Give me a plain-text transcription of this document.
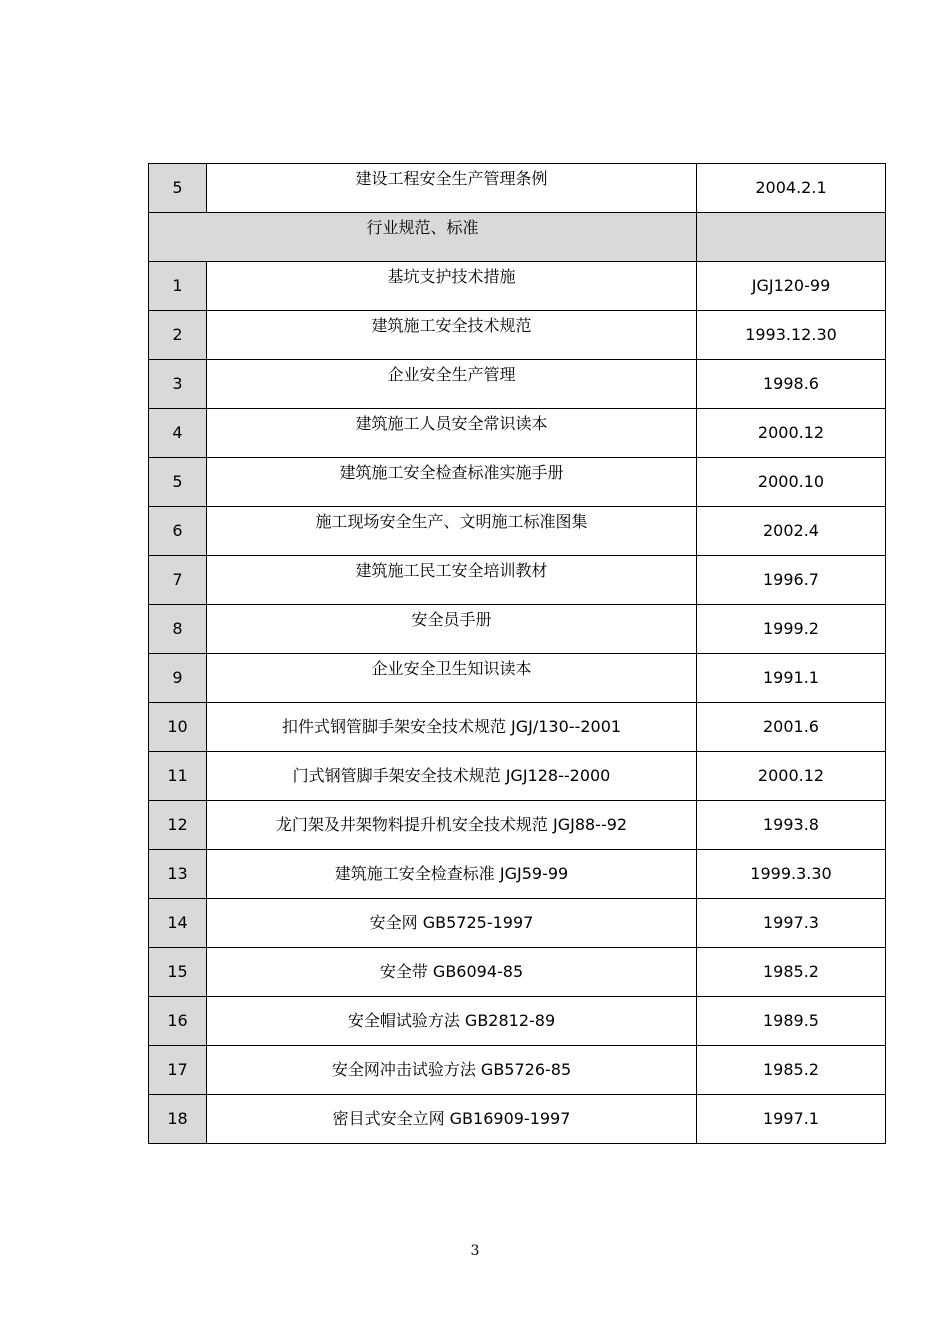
5	建设工程安全生产管理条例	2004.2.1
行业规范、标准		
1	基坑支护技术措施	JGJ120-99
2	建筑施工安全技术规范	1993.12.30
3	企业安全生产管理	1998.6
4	建筑施工人员安全常识读本	2000.12
5	建筑施工安全检查标准实施手册	2000.10
6	施工现场安全生产、文明施工标准图集	2002.4
7	建筑施工民工安全培训教材	1996.7
8	安全员手册	1999.2
9	企业安全卫生知识读本	1991.1
10	扣件式钢管脚手架安全技术规范 JGJ/130--2001	2001.6
11	门式钢管脚手架安全技术规范 JGJ128--2000	2000.12
12	龙门架及井架物料提升机安全技术规范 JGJ88--92	1993.8
13	建筑施工安全检查标准 JGJ59-99	1999.3.30
14	安全网 GB5725-1997	1997.3
15	安全带 GB6094-85	1985.2
16	安全帽试验方法 GB2812-89	1989.5
17	安全网冲击试验方法 GB5726-85	1985.2
18	密目式安全立网 GB16909-1997	1997.1
3
